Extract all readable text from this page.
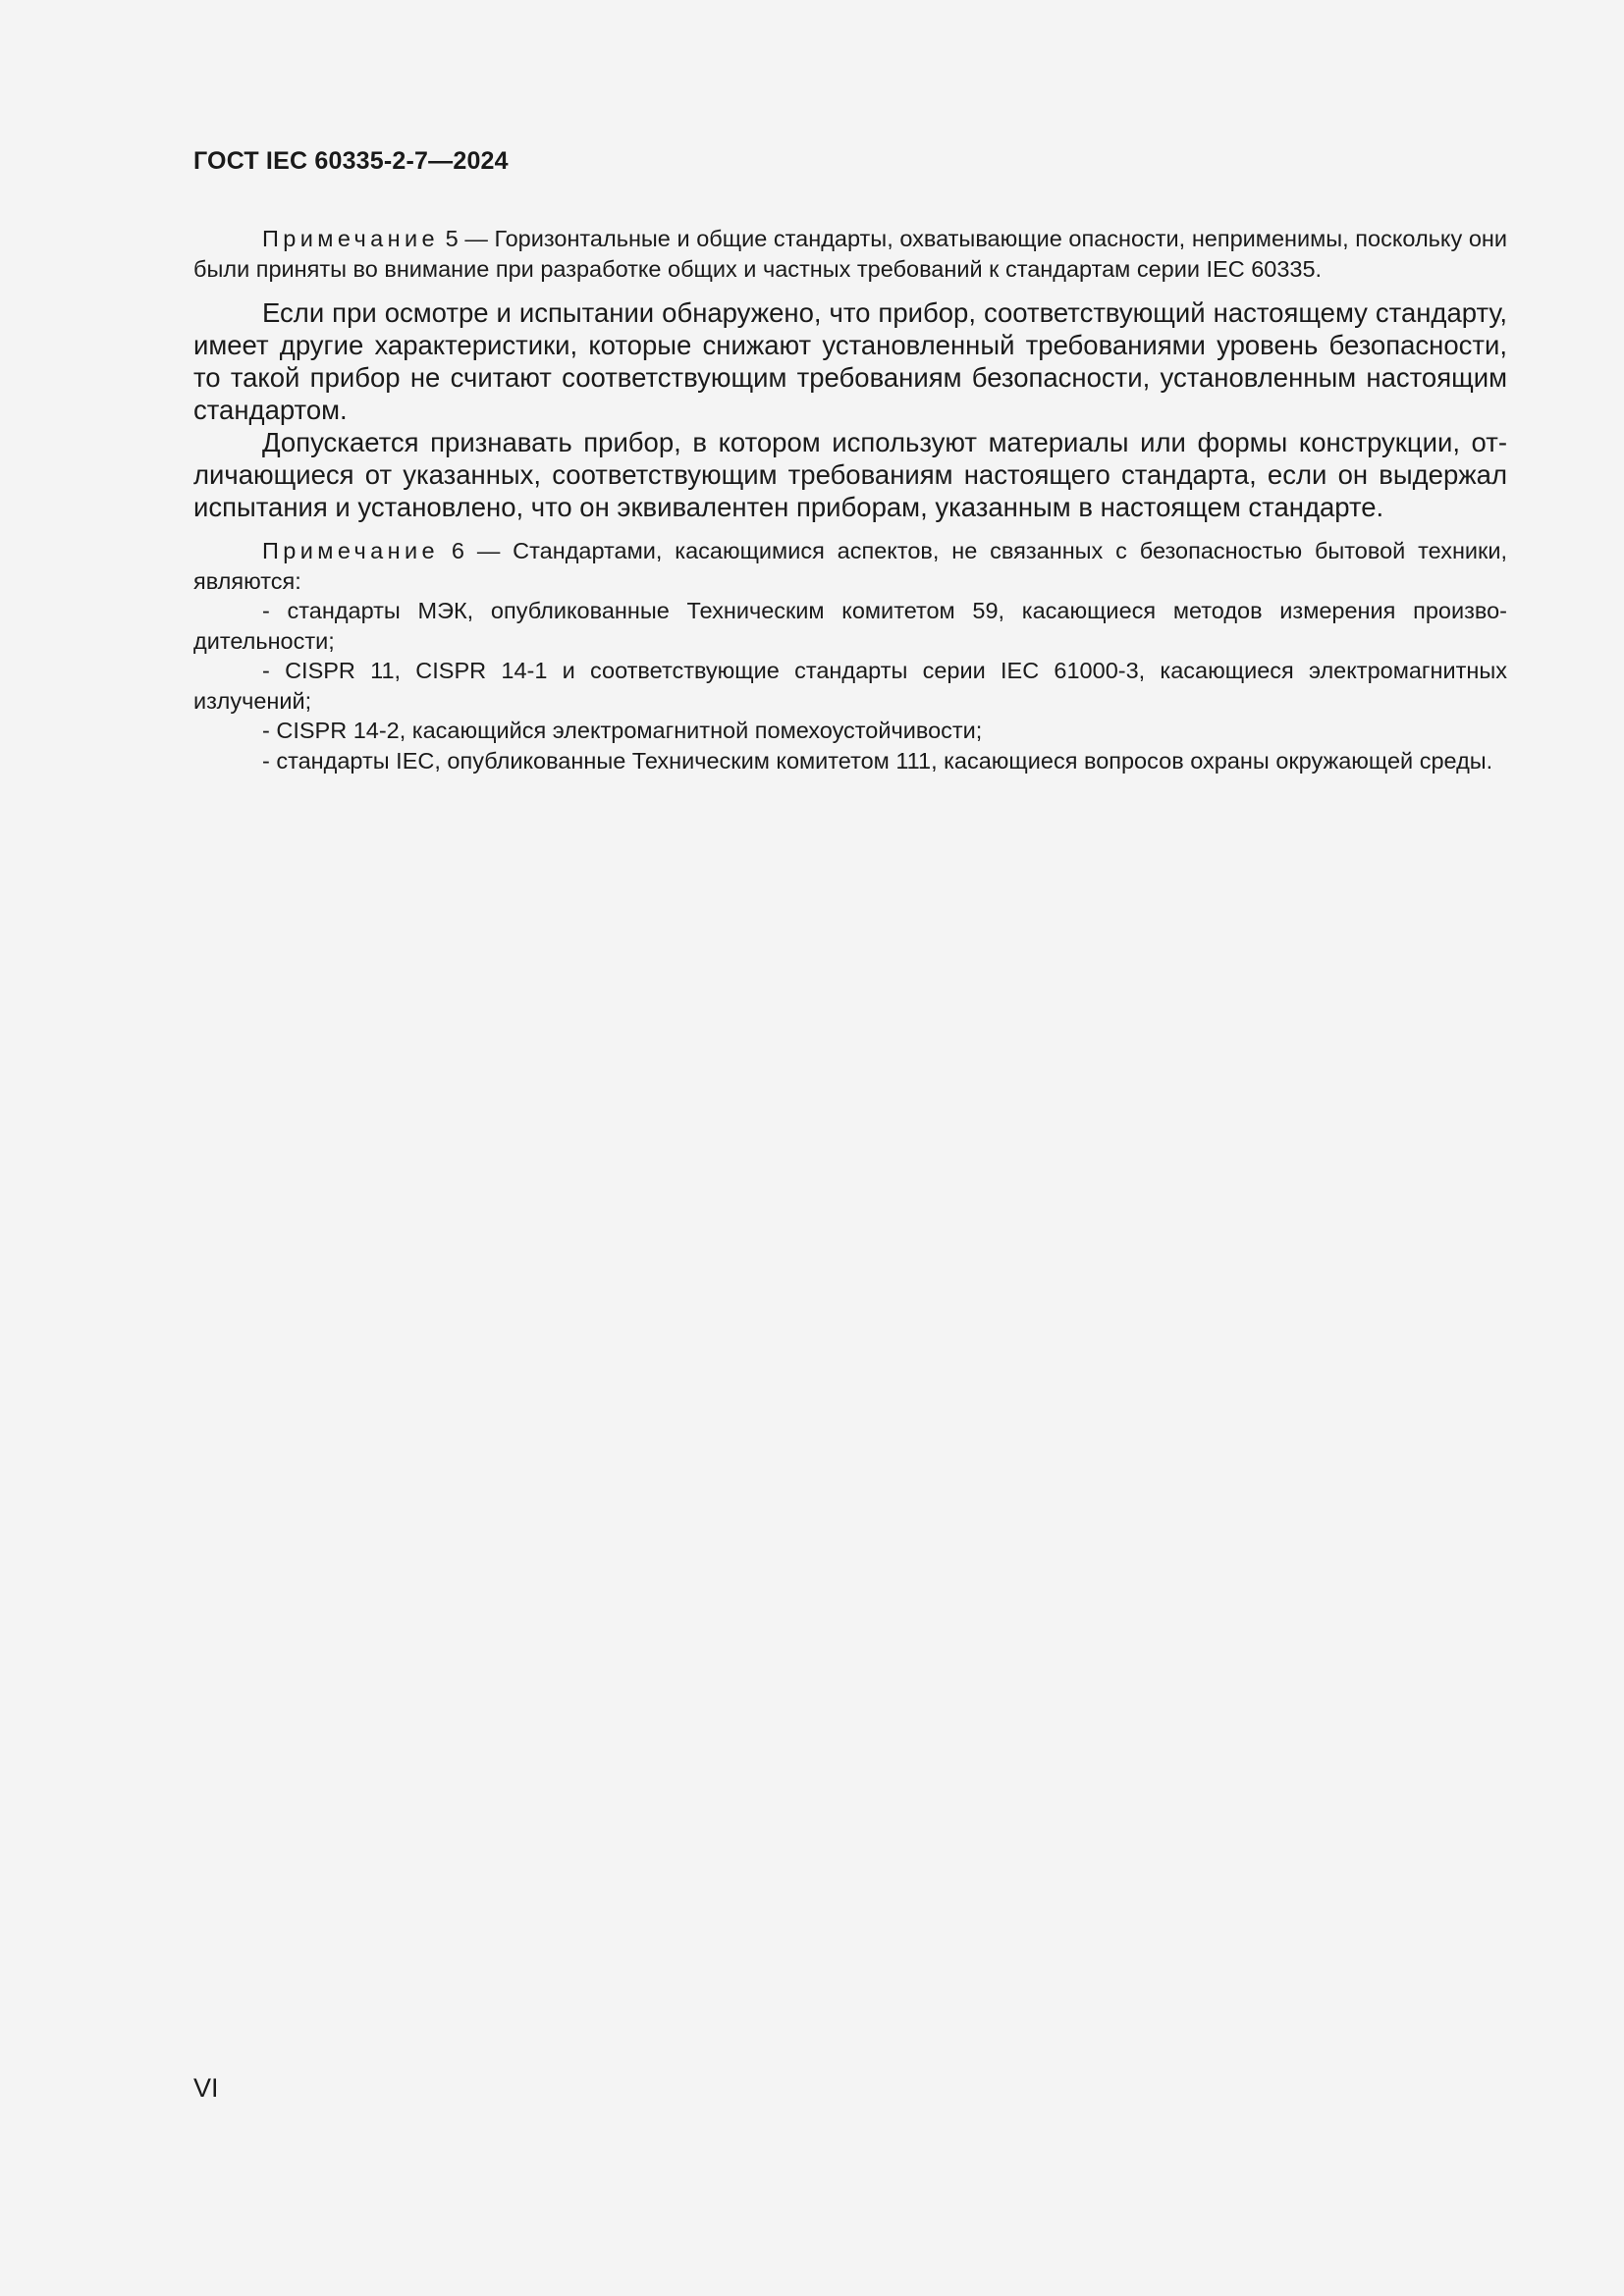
ГОСТ IEC 60335-2-7—2024

Примечание 5 — Горизонтальные и общие стандарты, охватывающие опасности, неприменимы, поскольку они были приняты во внимание при разработке общих и частных требований к стандартам серии IEC 60335.

Если при осмотре и испытании обнаружено, что прибор, соответствующий настоящему стандарту, имеет другие характеристики, которые снижают установленный требованиями уровень безопасности, то такой прибор не считают соответствующим требованиям безопасности, установленным настоящим стандартом.

Допускается признавать прибор, в котором используют материалы или формы конструкции, отличающиеся от указанных, соответствующим требованиям настоящего стандарта, если он выдержал испытания и установлено, что он эквивалентен приборам, указанным в настоящем стандарте.

Примечание 6 — Стандартами, касающимися аспектов, не связанных с безопасностью бытовой техники, являются:

- стандарты МЭК, опубликованные Техническим комитетом 59, касающиеся методов измерения производительности;

- CISPR 11, CISPR 14-1 и соответствующие стандарты серии IEC 61000-3, касающиеся электромагнитных излучений;

- CISPR 14-2, касающийся электромагнитной помехоустойчивости;

- стандарты IEC, опубликованные Техническим комитетом 111, касающиеся вопросов охраны окружающей среды.

VI
